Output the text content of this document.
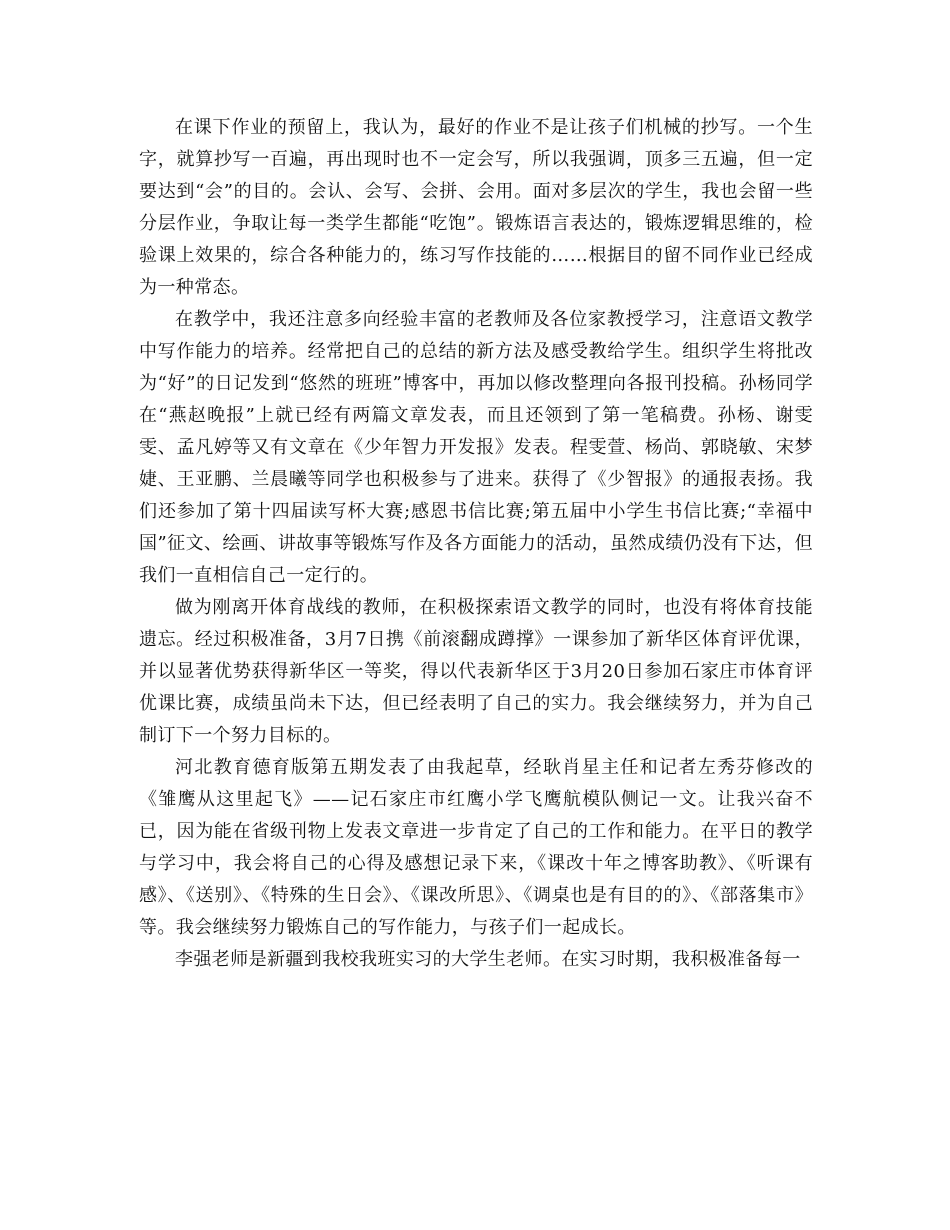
在课下作业的预留上，我认为，最好的作业不是让孩子们机械的抄写。一个生字，就算抄写一百遍，再出现时也不一定会写，所以我强调，顶多三五遍，但一定要达到“会”的目的。会认、会写、会拼、会用。面对多层次的学生，我也会留一些分层作业，争取让每一类学生都能“吃饱”。锻炼语言表达的，锻炼逻辑思维的，检验课上效果的，综合各种能力的，练习写作技能的……根据目的留不同作业已经成为一种常态。

在教学中，我还注意多向经验丰富的老教师及各位家教授学习，注意语文教学中写作能力的培养。经常把自己的总结的新方法及感受教给学生。组织学生将批改为“好”的日记发到“悠然的班班”博客中，再加以修改整理向各报刊投稿。孙杨同学在“燕赵晚报”上就已经有两篇文章发表，而且还领到了第一笔稿费。孙杨、谢雯雯、孟凡婷等又有文章在《少年智力开发报》发表。程雯萱、杨尚、郭晓敏、宋梦婕、王亚鹏、兰晨曦等同学也积极参与了进来。获得了《少智报》的通报表扬。我们还参加了第十四届读写杯大赛;感恩书信比赛;第五届中小学生书信比赛;“幸福中国”征文、绘画、讲故事等锻炼写作及各方面能力的活动，虽然成绩仍没有下达，但我们一直相信自己一定行的。

做为刚离开体育战线的教师，在积极探索语文教学的同时，也没有将体育技能遗忘。经过积极准备，3月7日携《前滚翻成蹲撑》一课参加了新华区体育评优课，并以显著优势获得新华区一等奖，得以代表新华区于3月20日参加石家庄市体育评优课比赛，成绩虽尚未下达，但已经表明了自己的实力。我会继续努力，并为自己制订下一个努力目标的。

河北教育德育版第五期发表了由我起草，经耿肖星主任和记者左秀芬修改的《雏鹰从这里起飞》——记石家庄市红鹰小学飞鹰航模队侧记一文。让我兴奋不已，因为能在省级刊物上发表文章进一步肯定了自己的工作和能力。在平日的教学与学习中，我会将自己的心得及感想记录下来，《课改十年之博客助教》、《听课有感》、《送别》、《特殊的生日会》、《课改所思》、《调桌也是有目的的》、《部落集市》等。我会继续努力锻炼自己的写作能力，与孩子们一起成长。

李强老师是新疆到我校我班实习的大学生老师。在实习时期，我积极准备每一
